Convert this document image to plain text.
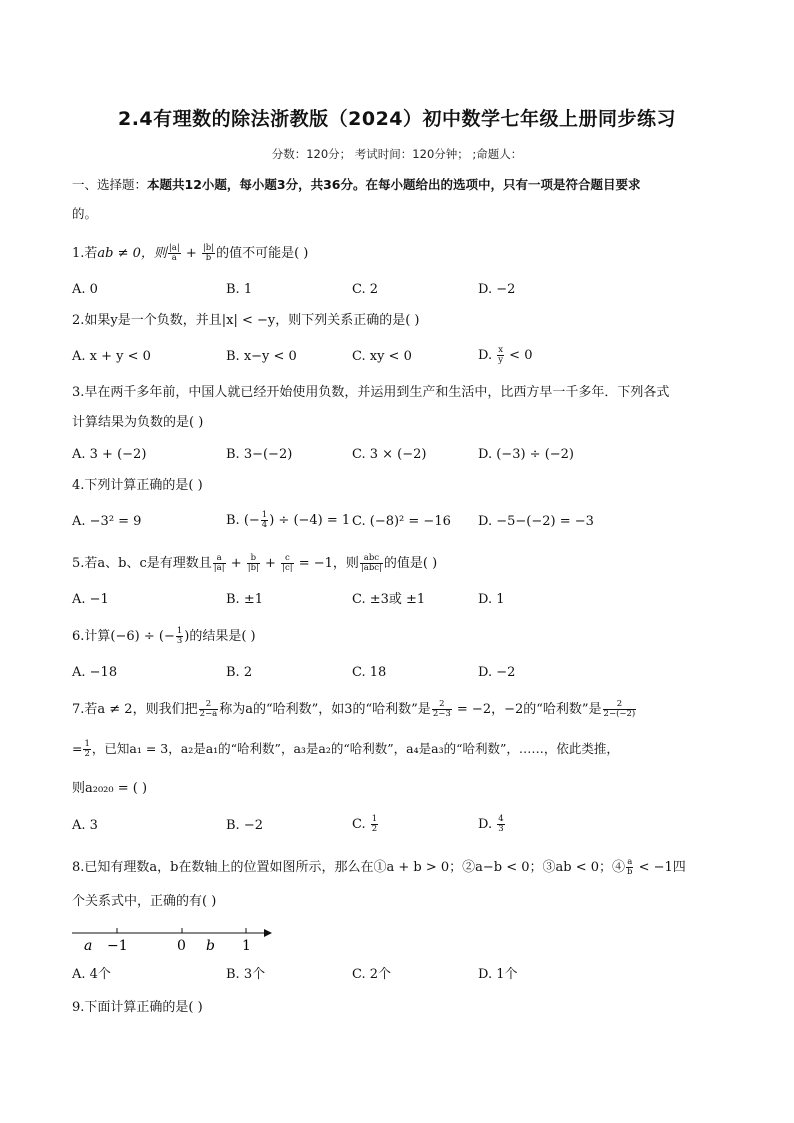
2.4有理数的除法浙教版（2024）初中数学七年级上册同步练习
分数：120分； 考试时间：120分钟； ;命题人：
一、选择题：本题共12小题，每小题3分，共36分。在每小题给出的选项中，只有一项是符合题目要求
的。
1.若ab ≠ 0，则 $\frac{|a|}{a} + \frac{|b|}{b}$ 的值不可能是( )
A. 0	B. 1	C. 2	D. −2
2.如果y是一个负数，并且|x| < −y，则下列关系正确的是( )
A. x + y < 0	B. x−y < 0	C. xy < 0	D. $\frac{x}{y} < 0$
3.早在两千多年前，中国人就已经开始使用负数，并运用到生产和生活中，比西方早一千多年．下列各式
计算结果为负数的是( )
A. 3 + (−2)	B. 3−(−2)	C. 3 × (−2)	D. (−3) ÷ (−2)
4.下列计算正确的是( )
A. −3² = 9	B. (− $\frac{1}{4}$ ) ÷ (−4) = 1 C. (−8)² = −16 D. −5−(−2) = −3
5.若a、b、c是有理数且 $\frac{a}{|a|} + \frac{b}{|b|} + \frac{c}{|c|} = -1$，则 $\frac{\text{abc}}{\text{|abc|}}$ 的值是( )
A. −1	B. ±1	C. ±3或 ±1	D. 1
6.计算(−6) ÷ (− $\frac{1}{3}$ )的结果是( )
A. −18	B. 2	C. 18	D. −2
7.若a ≠ 2，则我们把 $\frac{2}{2-a}$ 称为a的“哈利数”，如3的“哈利数”是 $\frac{2}{2-3} = -2$，−2的“哈利数”是 $\frac{2}{2-(-2)}$
= $\frac{1}{2}$ ，已知a₁ = 3，a₂是a₁的“哈利数”，a₃是a₂的“哈利数”，a₄是a₃的“哈利数”，……，依此类推，
则a₂₀₂₀ = ( )
A. 3	B. −2	C. $\frac{1}{2}$	D. $\frac{4}{3}$
8.已知有理数a，b在数轴上的位置如图所示，那么在①a + b > 0；②a−b < 0；③ab < 0；④ $\frac{a}{b} < -1$四
个关系式中，正确的有( )
a −1	0 b 1
A. 4个	B. 3个	C. 2个	D. 1个
9.下面计算正确的是( )
